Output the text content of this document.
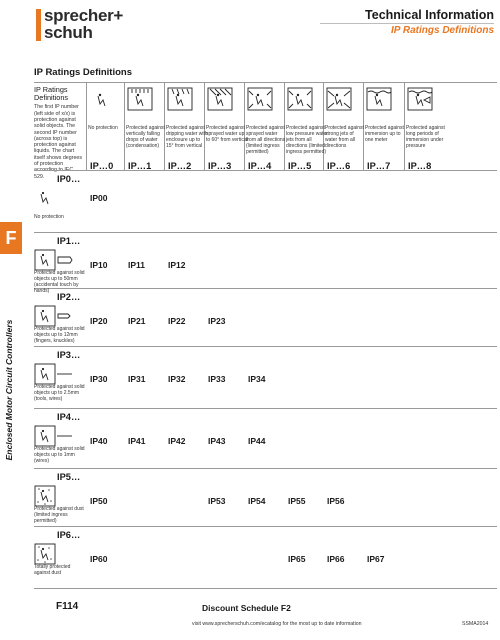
sprecher+
schuh
Technical Information
IP Ratings Definitions
IP Ratings Definitions
F
Enclosed Motor Circuit Controllers
IP Ratings Definitions
The first IP number (left side of x/x) is protection against solid objects. The second IP number (across top) is protection against liquids. The chart itself shows degrees of protection 529.
No protection
IP…0
Protected against vertically falling drops of water (condensation)
IP…1
Protected against dripping water with enclosure up to 15° from vertical
IP…2
Protected against sprayed water up to 60° from vertical
IP…3
Protected against sprayed water from all directions (limited ingress permitted)
IP…4
Protected against low pressure water jets from all directions (limited ingress permitted)
IP…5
Protected against strong jets of water from all directions
IP…6
Protected against immersion up to one meter
IP…7
Protected against long periods of immersion under pressure
IP…8
IP0…
No protection
IP00
IP1…
Protected against solid objects up to 50mm (accidental touch by hands)
IP10 IP11	IP12
IP2…
Protected against solid objects up to 12mm (fingers, knuckles)
IP20 IP21	IP22	IP23
IP3…
Protected against solid objects up to 2.5mm (tools, wires)
IP30 IP31	IP32	IP33	IP34
IP4…
Protected against solid objects up to 1mm (wires)
IP40 IP41	IP42	IP43	IP44
IP5…
Protected against dust (limited ingress permitted)
IP50	IP53	IP54	IP55	IP56
IP6…
Totally protected against dust
IP60	IP65	IP66	IP67
F114	Discount Schedule F2
visit www.sprecherschuh.com/ecatalog for the most up to date information	SSMA2014
